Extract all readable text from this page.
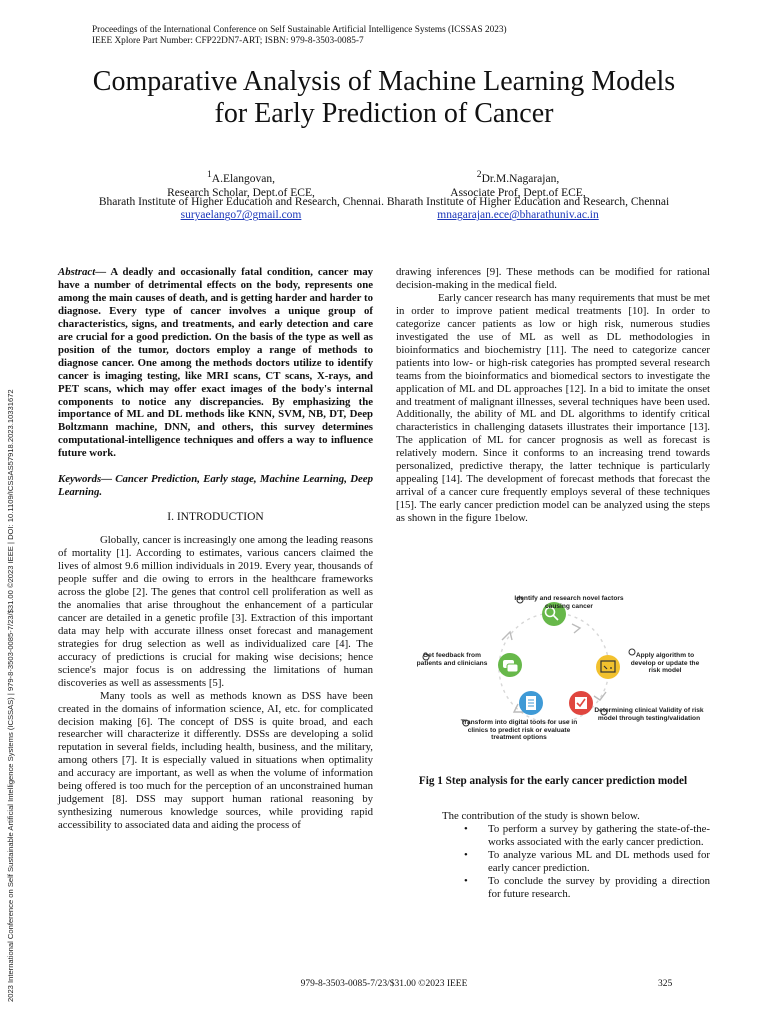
Proceedings of the International Conference on Self Sustainable Artificial Intelligence Systems (ICSSAS 2023)
IEEE Xplore Part Number: CFP22DN7-ART; ISBN: 979-8-3503-0085-7
Comparative Analysis of Machine Learning Models
for Early Prediction of Cancer
$^1$A.Elangovan,
Research Scholar, Dept.of ECE,
$^2$Dr.M.Nagarajan,
Associate Prof, Dept.of ECE,
Bharath Institute of Higher Education and Research, Chennai. Bharath Institute of Higher Education and Research, Chennai
suryaelango7@gmail.com	mnagarajan.ece@bharathuniv.ac.in
2023 International Conference on Self Sustainable Artificial Intelligence Systems (ICSSAS) | 979-8-3503-0085-7/23/$31.00 ©2023 IEEE | DOI: 10.1109/ICSSAS57918.2023.10331672

Abstract— A deadly and occasionally fatal condition, cancer may have a number of detrimental effects on the body, represents one among the main causes of death, and is getting harder and harder to diagnose. Every type of cancer involves a unique group of characteristics, signs, and treatments, and early detection and care are crucial for a good prediction. On the basis of the type as well as position of the tumor, doctors employ a range of methods to diagnose cancer. One among the methods doctors utilize to identify cancer is imaging testing, like MRI scans, CT scans, X-rays, and PET scans, which may offer exact images of the body's internal components to notice any discrepancies. By emphasizing the importance of ML and DL methods like KNN, SVM, NB, DT, Deep Boltzmann machine, DNN, and others, this survey determines computational-intelligence techniques and offers a way to influence future work.

Keywords— Cancer Prediction, Early stage, Machine Learning, Deep Learning.

I. INTRODUCTION

Globally, cancer is increasingly one among the leading reasons of mortality [1]. According to estimates, various cancers claimed the lives of almost 9.6 million individuals in 2019. Every year, thousands of people suffer and die owing to errors in the healthcare frameworks across the globe [2]. The genes that control cell proliferation as well as the anomalies that arise throughout the enhancement of a particular cancer are detailed in a genetic profile [3]. Extraction of this important data may help with accurate illness onset forecast and management strategies for drug selection as well as individualized care [4]. The accuracy of predictions is crucial for making wise decisions; hence science's major focus is on addressing the limitations of human discoveries as well as assessments [5].

Many tools as well as methods known as DSS have been created in the domains of information science, AI, etc. for complicated decision making [6]. The concept of DSS is quite broad, and each researcher will characterize it differently. DSSs are developing a solid reputation in several fields, including health, business, and the military, among others [7]. It is especially valued in situations when optimality and accuracy are important, as well as when the volume of information being offered is too much for the perception of an unconstrained human judgement [8]. DSS may support human rational reasoning by synthesizing numerous knowledge sources, while providing rapid accessibility to associated data and aiding the process of

drawing inferences [9]. These methods can be modified for rational decision-making in the medical field.

Early cancer research has many requirements that must be met in order to improve patient medical treatments [10]. In order to categorize cancer patients as low or high risk, numerous studies investigated the use of ML as well as DL methodologies in bioinformatics and biochemistry [11]. The need to categorize cancer patients into low- or high-risk categories has prompted several research teams from the bioinformatics and biomedical sectors to investigate the application of ML and DL approaches [12]. In a bid to imitate the onset and treatment of malignant illnesses, several techniques have been used. Additionally, the ability of ML and DL algorithms to identify critical characteristics in challenging datasets illustrates their importance [13]. The application of ML for cancer prognosis as well as forecast is relatively modern. Since it conforms to an increasing trend towards personalized, predictive therapy, the latter technique is particularly appealing [14]. The development of forecast methods that forecast the arrival of a cancer cure frequently employs several of these techniques [15]. The early cancer prediction model can be analyzed using the steps as shown in the figure 1below.

Identify and research novel factors causing cancer
Apply algorithm to develop or update the risk model
Determining clinical Validity of risk model through testing/validation
Transform into digital tools for use in clinics to predict risk or evaluate treatment options
Get feedback from patients and clinicians
Fig 1 Step analysis for the early cancer prediction model

The contribution of the study is shown below.

• To perform a survey by gathering the state-of-the-works associated with the early cancer prediction.
• To analyze various ML and DL methods used for early cancer prediction.
• To conclude the survey by providing a direction for future research.
979-8-3503-0085-7/23/$31.00 ©2023 IEEE	325
